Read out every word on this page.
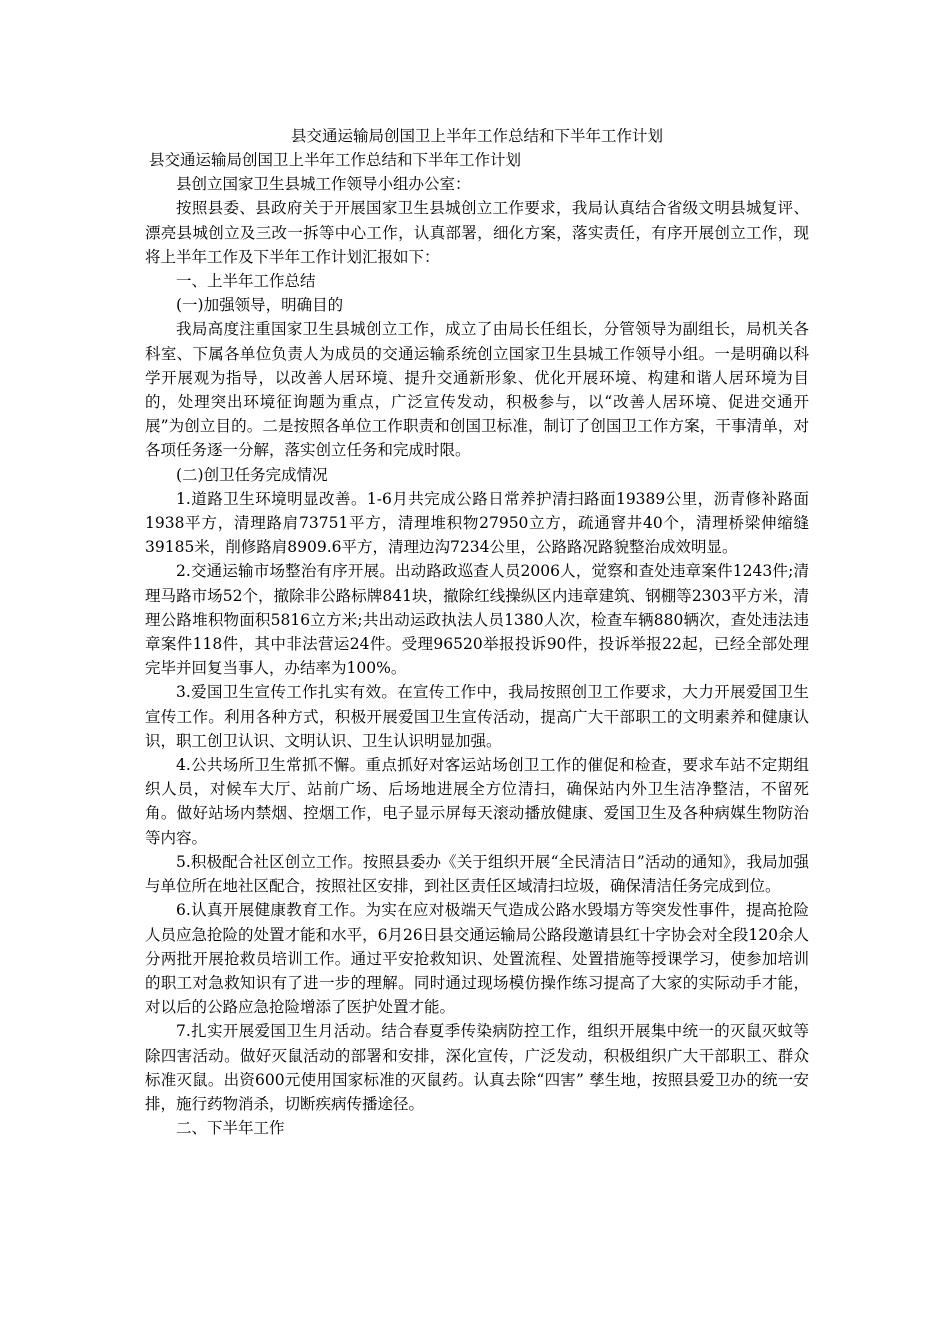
县交通运输局创国卫上半年工作总结和下半年工作计划

县交通运输局创国卫上半年工作总结和下半年工作计划

县创立国家卫生县城工作领导小组办公室：

按照县委、县政府关于开展国家卫生县城创立工作要求，我局认真结合省级文明县城复评、漂亮县城创立及三改一拆等中心工作，认真部署，细化方案，落实责任，有序开展创立工作，现将上半年工作及下半年工作计划汇报如下：

一、上半年工作总结

(一)加强领导，明确目的

我局高度注重国家卫生县城创立工作，成立了由局长任组长，分管领导为副组长，局机关各科室、下属各单位负责人为成员的交通运输系统创立国家卫生县城工作领导小组。一是明确以科学开展观为指导，以改善人居环境、提升交通新形象、优化开展环境、构建和谐人居环境为目的，处理突出环境征询题为重点，广泛宣传发动，积极参与，以“改善人居环境、促进交通开展”为创立目的。二是按照各单位工作职责和创国卫标准，制订了创国卫工作方案，干事清单，对各项任务逐一分解，落实创立任务和完成时限。

(二)创卫任务完成情况

1.道路卫生环境明显改善。1-6月共完成公路日常养护清扫路面19389公里，沥青修补路面1938平方，清理路肩73751平方，清理堆积物27950立方，疏通窨井40个，清理桥梁伸缩缝39185米，削修路肩8909.6平方，清理边沟7234公里，公路路况路貌整治成效明显。

2.交通运输市场整治有序开展。出动路政巡查人员2006人，觉察和查处违章案件1243件;清理马路市场52个，撤除非公路标牌841块，撤除红线操纵区内违章建筑、钢棚等2303平方米，清理公路堆积物面积5816立方米;共出动运政执法人员1380人次，检查车辆880辆次，查处违法违章案件118件，其中非法营运24件。受理96520举报投诉90件，投诉举报22起，已经全部处理完毕并回复当事人，办结率为100%。

3.爱国卫生宣传工作扎实有效。在宣传工作中，我局按照创卫工作要求，大力开展爱国卫生宣传工作。利用各种方式，积极开展爱国卫生宣传活动，提高广大干部职工的文明素养和健康认识，职工创卫认识、文明认识、卫生认识明显加强。

4.公共场所卫生常抓不懈。重点抓好对客运站场创卫工作的催促和检查，要求车站不定期组织人员，对候车大厅、站前广场、后场地进展全方位清扫，确保站内外卫生洁净整洁，不留死角。做好站场内禁烟、控烟工作，电子显示屏每天滚动播放健康、爱国卫生及各种病媒生物防治等内容。

5.积极配合社区创立工作。按照县委办《关于组织开展“全民清洁日”活动的通知》，我局加强与单位所在地社区配合，按照社区安排，到社区责任区域清扫垃圾，确保清洁任务完成到位。

6.认真开展健康教育工作。为实在应对极端天气造成公路水毁塌方等突发性事件，提高抢险人员应急抢险的处置才能和水平，6月26日县交通运输局公路段邀请县红十字协会对全段120余人分两批开展抢救员培训工作。通过平安抢救知识、处置流程、处置措施等授课学习，使参加培训的职工对急救知识有了进一步的理解。同时通过现场模仿操作练习提高了大家的实际动手才能，对以后的公路应急抢险增添了医护处置才能。

7.扎实开展爱国卫生月活动。结合春夏季传染病防控工作，组织开展集中统一的灭鼠灭蚊等除四害活动。做好灭鼠活动的部署和安排，深化宣传，广泛发动，积极组织广大干部职工、群众标准灭鼠。出资600元使用国家标准的灭鼠药。认真去除“四害” 孳生地，按照县爱卫办的统一安排，施行药物消杀，切断疾病传播途径。

二、下半年工作
